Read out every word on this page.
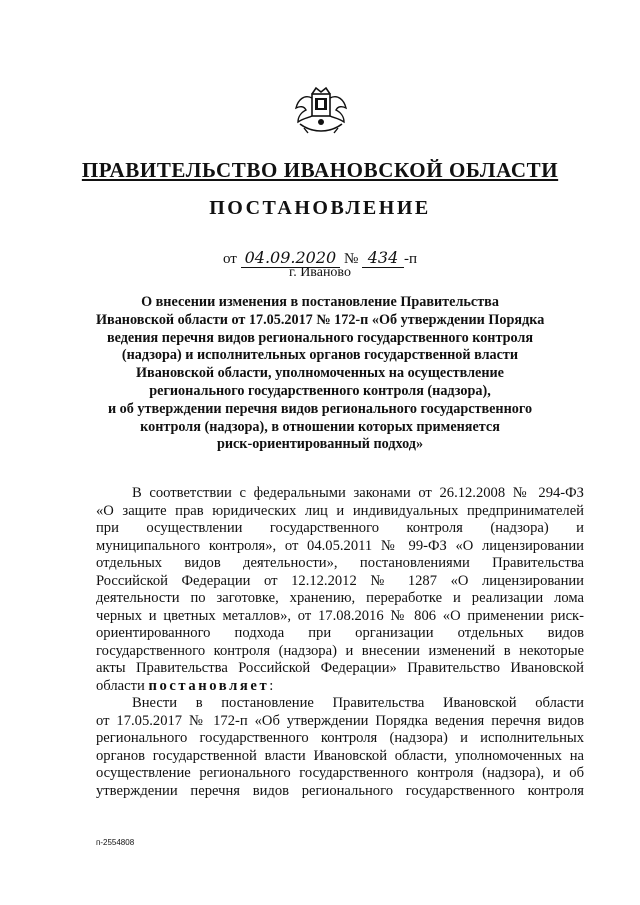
ПРАВИТЕЛЬСТВО ИВАНОВСКОЙ ОБЛАСТИ
ПОСТАНОВЛЕНИЕ
от 04.09.2020 № 434 -п
г. Иваново
О внесении изменения в постановление Правительства
Ивановской области от 17.05.2017 № 172-п «Об утверждении Порядка
ведения перечня видов регионального государственного контроля
(надзора) и исполнительных органов государственной власти
Ивановской области, уполномоченных на осуществление
регионального государственного контроля (надзора),
и об утверждении перечня видов регионального государственного
контроля (надзора), в отношении которых применяется
риск-ориентированный подход»
В соответствии с федеральными законами от 26.12.2008 № 294-ФЗ
«О защите прав юридических лиц и индивидуальных предпринимателей
при осуществлении государственного контроля (надзора) и
муниципального контроля», от 04.05.2011 № 99-ФЗ «О лицензировании
отдельных видов деятельности», постановлениями Правительства
Российской Федерации от 12.12.2012 № 1287 «О лицензировании
деятельности по заготовке, хранению, переработке и реализации лома
черных и цветных металлов», от 17.08.2016 № 806 «О применении риск-
ориентированного подхода при организации отдельных видов
государственного контроля (надзора) и внесении изменений в некоторые
акты Правительства Российской Федерации» Правительство Ивановской
области постановляет:
Внести в постановление Правительства Ивановской области
от 17.05.2017 № 172-п «Об утверждении Порядка ведения перечня видов
регионального государственного контроля (надзора) и исполнительных
органов государственной власти Ивановской области, уполномоченных на
осуществление регионального государственного контроля (надзора), и об
утверждении перечня видов регионального государственного контроля
п-2554808
